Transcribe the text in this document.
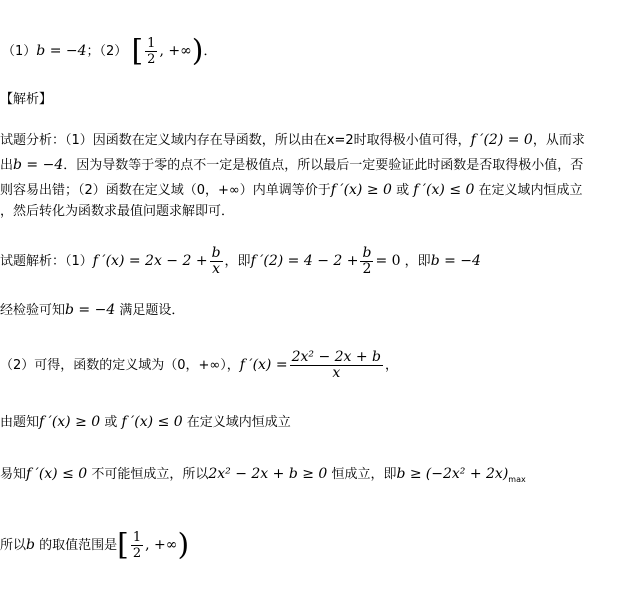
（1）b = −4；（2） [ $\frac{1}{2}$ , +∞)．
【解析】
试题分析：（1）因函数在定义域内存在导函数，所以由在x=2时取得极小值可得，f ′(2) = 0，从而求
出b = −4．因为导数等于零的点不一定是极值点，所以最后一定要验证此时函数是否取得极小值，否
则容易出错；（2）函数在定义域（0，+∞）内单调等价于f ′(x) ≥ 0 或 f ′(x) ≤ 0 在定义域内恒成立
，然后转化为函数求最值问题求解即可．
试题解析：（1）f $'(x) = 2x - 2 + \frac{b}{x}$ ，即f $'(2) = 4 - 2 + \frac{b}{2} = 0$ ，即b = −4
经检验可知b = −4 满足题设．
（2）可得，函数的定义域为（0，+∞），f $'(x) = \frac{\text{2x² − 2x + b}}{x}$ ，
由题知f ′(x) ≥ 0 或 f ′(x) ≤ 0 在定义域内恒成立
易知f ′(x) ≤ 0 不可能恒成立，所以2x² − 2x + b ≥ 0 恒成立，即$b \ge (-2x^2 + 2x)_{max}$
所以b 的取值范围是[ $\frac{1}{2}$ , +∞)
